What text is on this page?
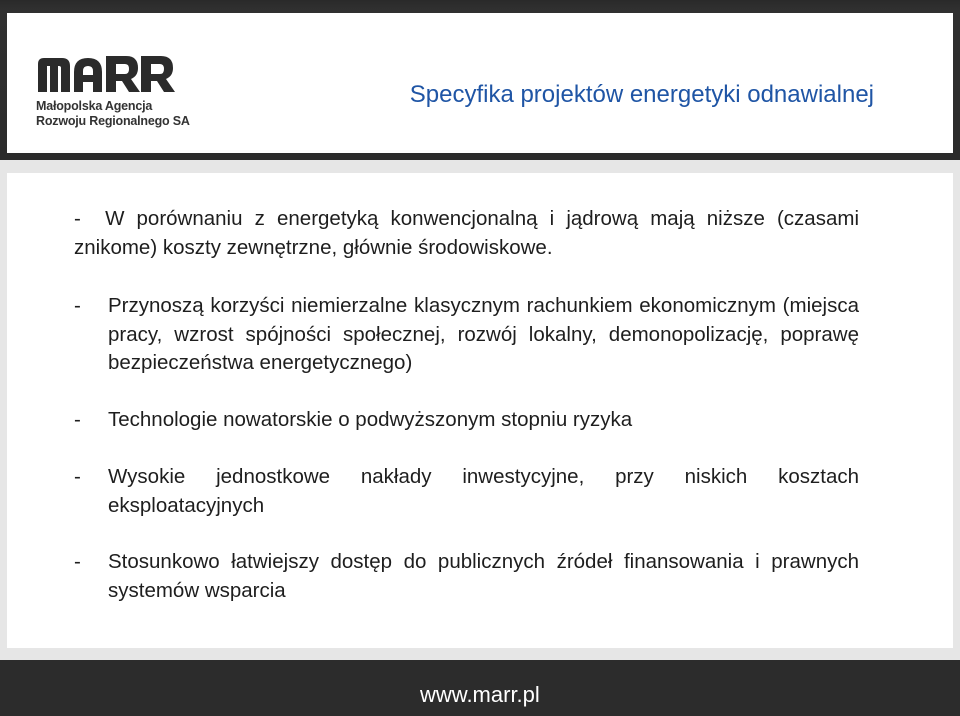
Małopolska Agencja
Rozwoju Regionalnego SA
Specyfika projektów energetyki odnawialnej
- W porównaniu z energetyką konwencjonalną i jądrową mają niższe (czasami znikome) koszty zewnętrzne, głównie środowiskowe.
-	Przynoszą korzyści niemierzalne klasycznym rachunkiem ekonomicznym (miejsca pracy, wzrost spójności społecznej, rozwój lokalny, demonopolizację, poprawę bezpieczeństwa energetycznego)
-	Technologie nowatorskie o podwyższonym stopniu ryzyka
-	Wysokie jednostkowe nakłady inwestycyjne, przy niskich kosztach eksploatacyjnych
-	Stosunkowo łatwiejszy dostęp do publicznych źródeł finansowania i prawnych systemów wsparcia
www.marr.pl
